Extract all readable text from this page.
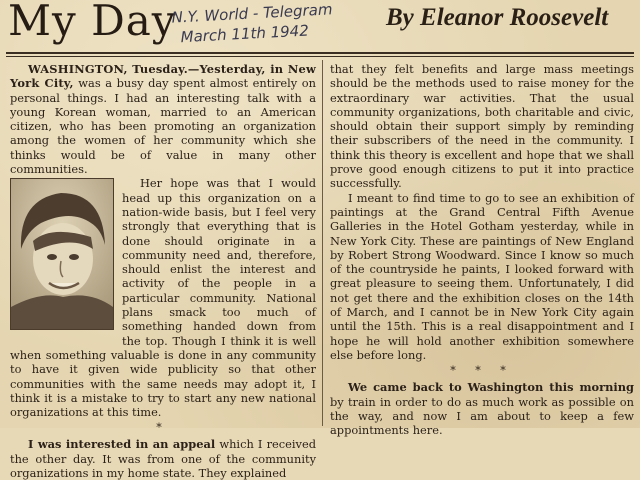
My Day
N.Y. World - Telegram
March 11th 1942
By Eleanor Roosevelt

WASHINGTON, Tuesday.—Yesterday, in New York City, was a busy day spent almost entirely on personal things. I had an interesting talk with a young Korean woman, married to an American citizen, who has been promoting an organization among the women of her community which she thinks would be of value in many other communities.

Her hope was that I would head up this organization on a nation-wide basis, but I feel very strongly that everything that is done should originate in a community need and, therefore, should enlist the interest and activity of the people in a particular community. National plans smack too much of something handed down from the top. Though I think it is well when something valuable is done in any community to have it given wide publicity so that other communities with the same needs may adopt it, I think it is a mistake to try to start any new national organizations at this time.

*

I was interested in an appeal which I received the other day. It was from one of the community organizations in my home state. They explained

that they felt benefits and large mass meetings should be the methods used to raise money for the extraordinary war activities. That the usual community organizations, both charitable and civic, should obtain their support simply by reminding their subscribers of the need in the community. I think this theory is excellent and hope that we shall prove good enough citizens to put it into practice successfully.

I meant to find time to go to see an exhibition of paintings at the Grand Central Fifth Avenue Galleries in the Hotel Gotham yesterday, while in New York City. These are paintings of New England by Robert Strong Woodward. Since I know so much of the countryside he paints, I looked forward with great pleasure to seeing them. Unfortunately, I did not get there and the exhibition closes on the 14th of March, and I cannot be in New York City again until the 15th. This is a real disappointment and I hope he will hold another exhibition somewhere else before long.

* * *

We came back to Washington this morning by train in order to do as much work as possible on the way, and now I am about to keep a few appointments here.
